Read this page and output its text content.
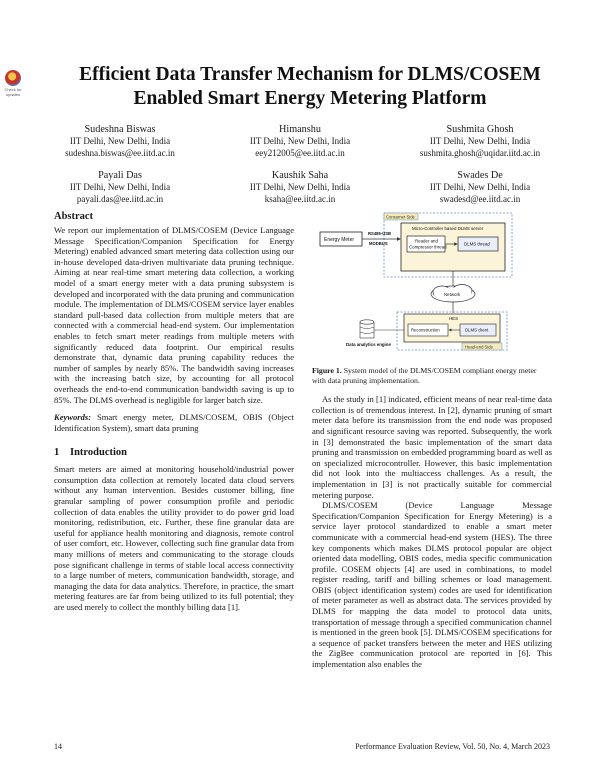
Check for updates
Efficient Data Transfer Mechanism for DLMS/COSEM
Enabled Smart Energy Metering Platform
Sudeshna Biswas
IIT Delhi, New Delhi, India
sudeshna.biswas@ee.iitd.ac.in
Himanshu
IIT Delhi, New Delhi, India
eey212005@ee.iitd.ac.in
Sushmita Ghosh
IIT Delhi, New Delhi, India
sushmita.ghosh@uqidar.iitd.ac.in
Payali Das
IIT Delhi, New Delhi, India
payali.das@ee.iitd.ac.in
Kaushik Saha
IIT Delhi, New Delhi, India
ksaha@ee.iitd.ac.in
Swades De
IIT Delhi, New Delhi, India
swadesd@ee.iitd.ac.in
Abstract

We report our implementation of DLMS/COSEM (Device Language Message Specification/Companion Specification for Energy Metering) enabled advanced smart metering data collection using our in-house developed data-driven multivariate data pruning technique. Aiming at near real-time smart metering data collection, a working model of a smart energy meter with a data pruning subsystem is developed and incorporated with the data pruning and communication module. The implementation of DLMS/COSEM service layer enables standard pull-based data collection from multiple meters that are connected with a commercial head-end system. Our implementation enables to fetch smart meter readings from multiple meters with significantly reduced data footprint. Our empirical results demonstrate that, dynamic data pruning capability reduces the number of samples by nearly 85%. The bandwidth saving increases with the increasing batch size, by accounting for all protocol overheads the end-to-end communication bandwidth saving is up to 85%. The DLMS overhead is negligible for larger batch size.

Keywords: Smart energy meter, DLMS/COSEM, OBIS (Object Identification System), smart data pruning

1 Introduction

Smart meters are aimed at monitoring household/industrial power consumption data collection at remotely located data cloud servers without any human intervention. Besides customer billing, fine granular sampling of power consumption profile and periodic collection of data enables the utility provider to do power grid load monitoring, redistribution, etc. Further, these fine granular data are useful for appliance health monitoring and diagnosis, remote control of user comfort, etc. However, collecting such fine granular data from many millions of meters and communicating to the storage clouds pose significant challenge in terms of stable local access connectivity to a large number of meters, communication bandwidth, storage, and managing the data for data analytics. Therefore, in practice, the smart metering features are far from being utilized to its full potential; they are used merely to collect the monthly billing data [1].

Consumer Side
Energy Meter
RS485-USB
MODBUS
Micro-Controller based DLMS server
Reader and
Compressor thread
DLMS thread
Network
HES
Reconstruction	DLMS client
Head-end Side
Data analytics engine

Figure 1. System model of the DLMS/COSEM compliant energy meter with data pruning implementation.

As the study in [1] indicated, efficient means of near real-time data collection is of tremendous interest. In [2], dynamic pruning of smart meter data before its transmission from the end node was proposed and significant resource saving was reported. Subsequently, the work in [3] demonstrated the basic implementation of the smart data pruning and transmission on embedded programming board as well as on specialized microcontroller. However, this basic implementation did not look into the multiaccess challenges. As a result, the implementation in [3] is not practically suitable for commercial metering purpose.

DLMS/COSEM (Device Language Message Specification/Companion Specification for Energy Metering) is a service layer protocol standardized to enable a smart meter communicate with a commercial head-end system (HES). The three key components which makes DLMS protocol popular are object oriented data modelling, OBIS codes, media specific communication profile. COSEM objects [4] are used in combinations, to model register reading, tariff and billing schemes or load management. OBIS (object identification system) codes are used for identification of meter parameter as well as abstract data. The services provided by DLMS for mapping the data model to protocol data units, transportation of message through a specified communication channel is mentioned in the green book [5]. DLMS/COSEM specifications for a sequence of packet transfers between the meter and HES utilizing the ZigBee communication protocol are reported in [6]. This implementation also enables the

14	Performance Evaluation Review, Vol. 50, No. 4, March 2023
